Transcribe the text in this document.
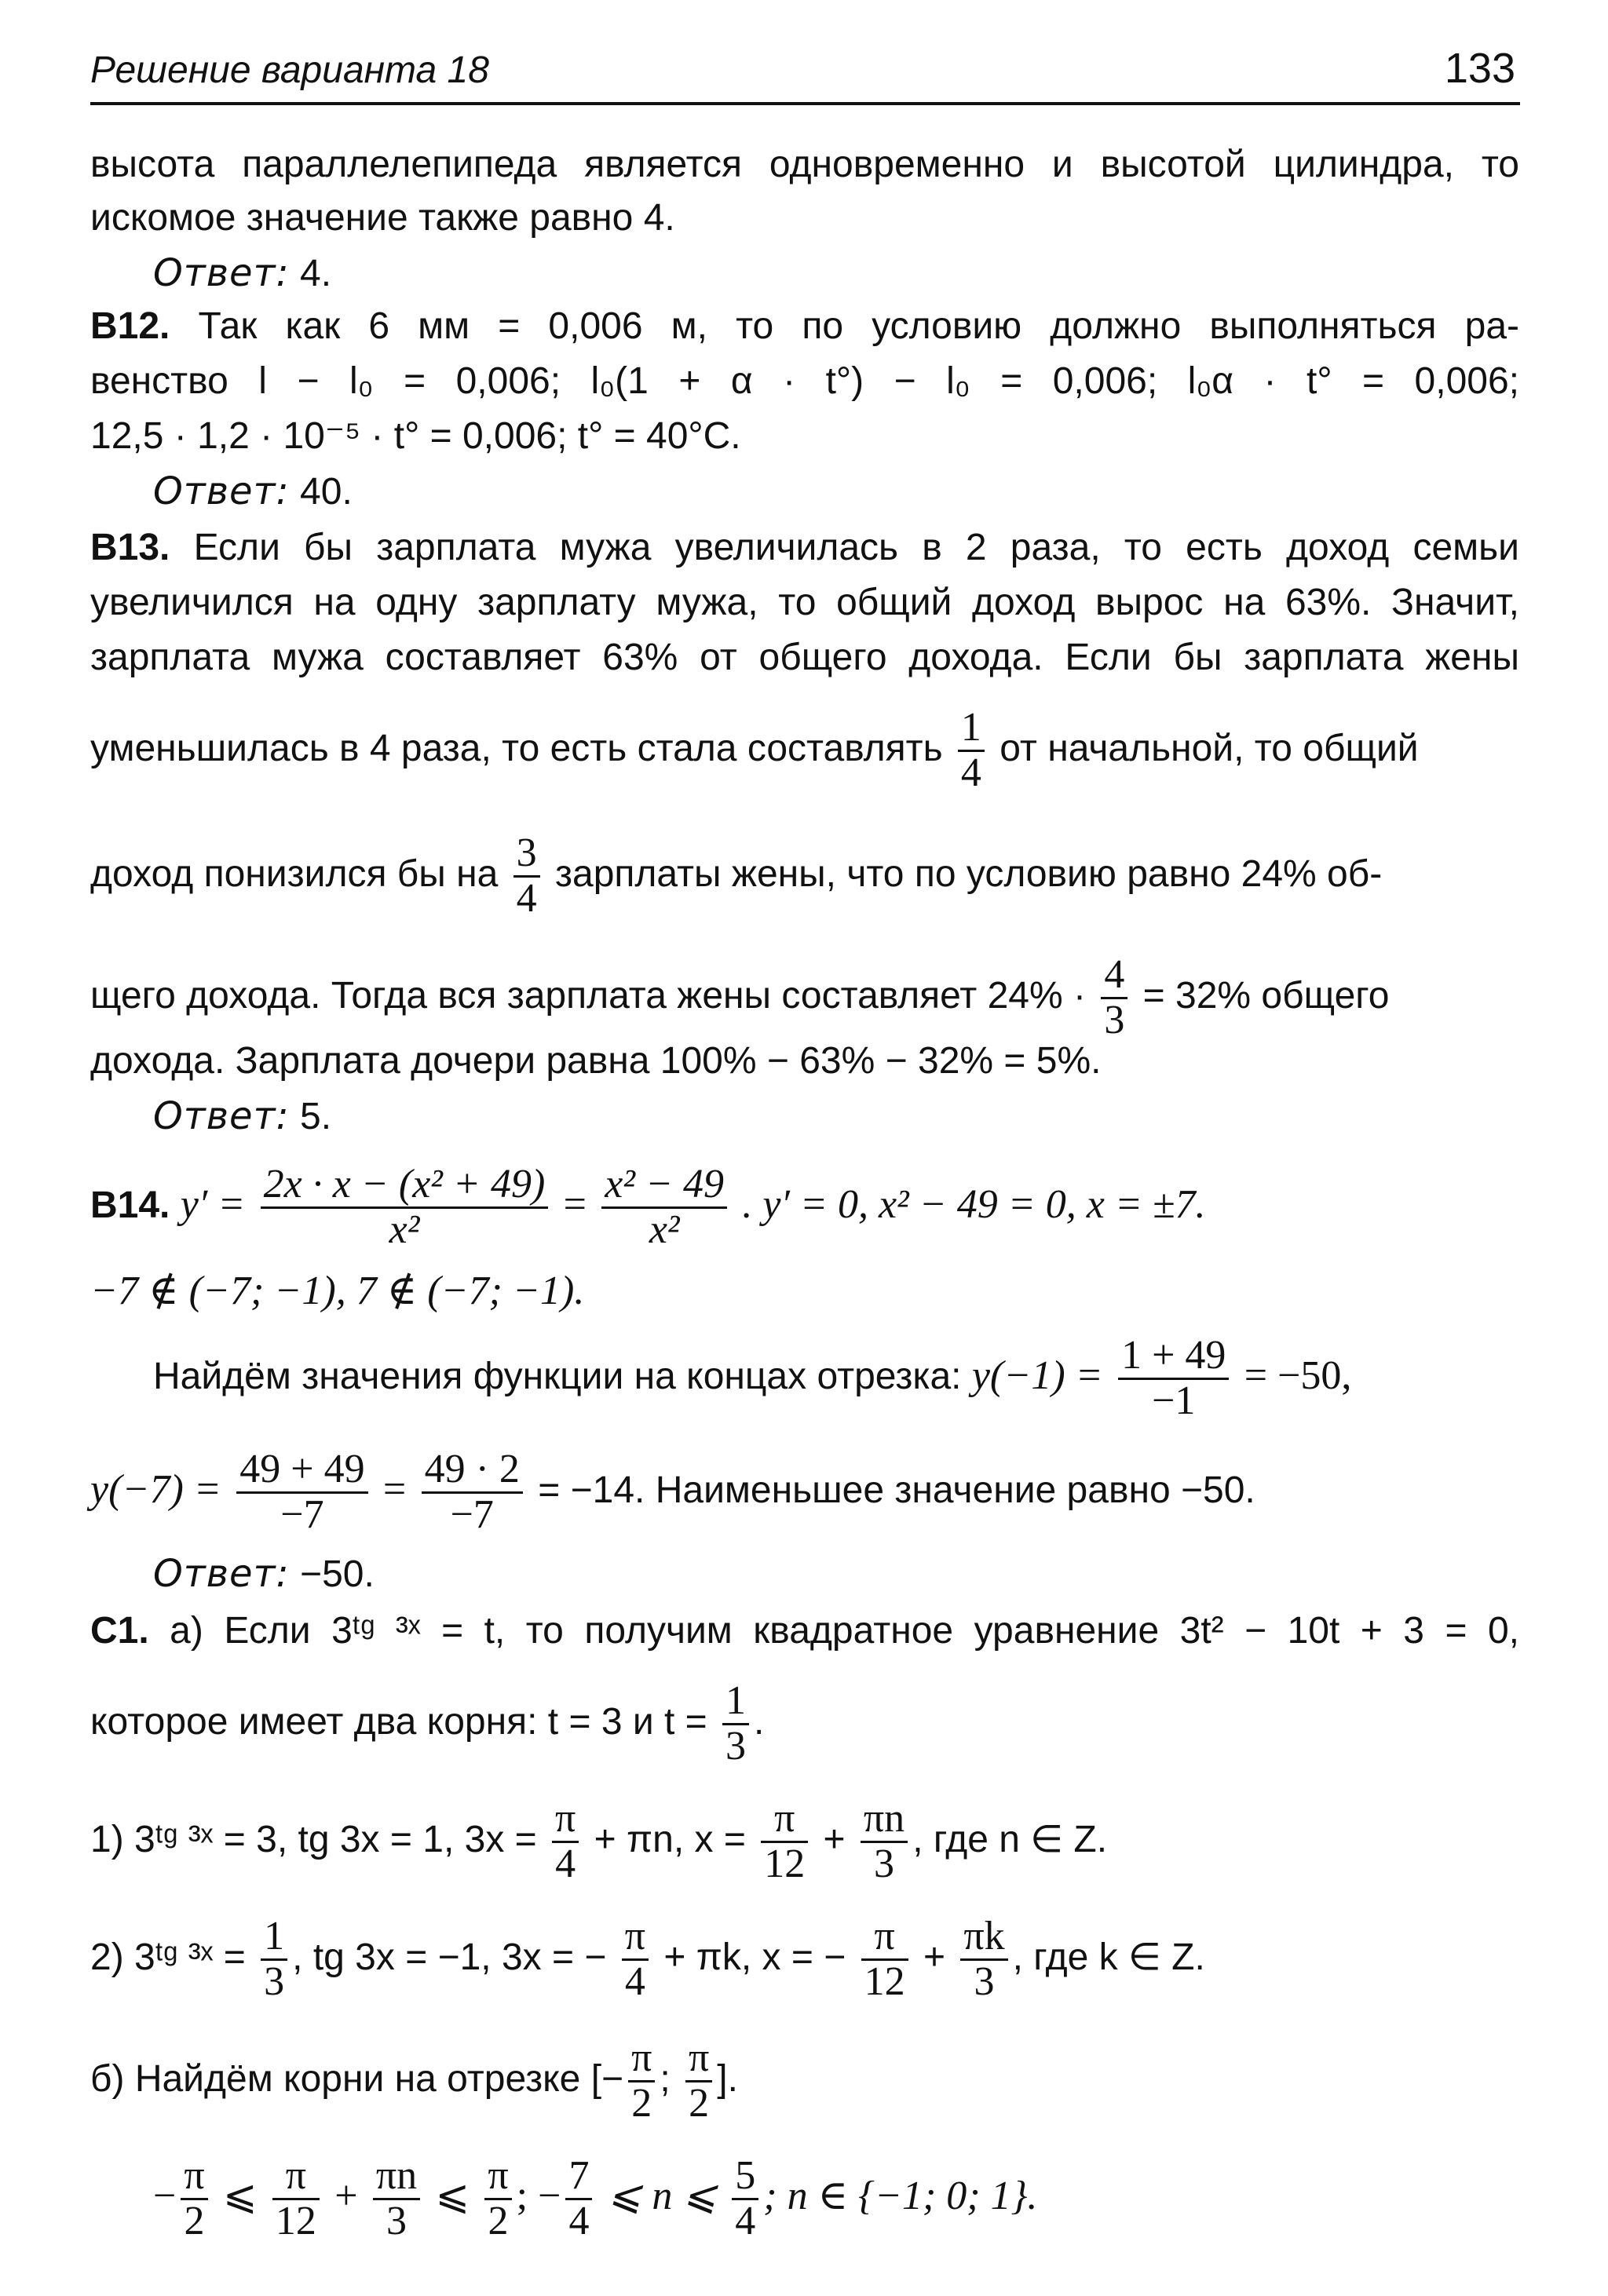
Решение варианта 18	133

высота параллелепипеда является одновременно и высотой цилиндра, то

искомое значение также равно 4.

Ответ: 4.

В12. Так как 6 мм = 0,006 м, то по условию должно выполняться ра-

венство l − l₀ = 0,006; l₀(1 + α · t°) − l₀ = 0,006; l₀α · t° = 0,006;

12,5 · 1,2 · 10⁻⁵ · t° = 0,006; t° = 40°C.

Ответ: 40.

В13. Если бы зарплата мужа увеличилась в 2 раза, то есть доход семьи

увеличился на одну зарплату мужа, то общий доход вырос на 63%. Значит,

зарплата мужа составляет 63% от общего дохода. Если бы зарплата жены

уменьшилась в 4 раза, то есть стала составлять $\frac{1}{4}$ от начальной, то общий

доход понизился бы на $\frac{3}{4}$ зарплаты жены, что по условию равно 24% об-

щего дохода. Тогда вся зарплата жены составляет $24\% \cdot \frac{4}{3} = 32\%$ общего

дохода. Зарплата дочери равна 100% − 63% − 32% = 5%.

Ответ: 5.

В14. $y' = \frac{\text{2x · x − (x² + 49)}}{\text{x²}} = \frac{\text{x² − 49}}{\text{x²}}$ . y′ = 0, x² − 49 = 0, x = ±7.

−7 ∉ (−7; −1), 7 ∉ (−7; −1).

Найдём значения функции на концах отрезка: $y(-1) = \frac{1 + 49}{-1} = -50$,

$y(-7) = \frac{49 + 49}{-7} = \frac{49 \cdot 2}{-7} = -14$. Наименьшее значение равно −50.

Ответ: −50.

С1. а) Если 3ᵗᵍ ³ˣ = t, то получим квадратное уравнение 3t² − 10t + 3 = 0,

которое имеет два корня: t = 3 и $t = \frac{1}{3}$ .

1) 3ᵗᵍ ³ˣ = 3, tg 3x = 1, $3x = \frac{\pi}{4} + \pi n$, $x = \frac{\pi}{12} + \frac{\pi n}{3}$ , где n ∈ Z.

2) 3ᵗᵍ ³ˣ = $\frac{1}{3}$ , tg 3x = −1, 3x = − $\frac{\pi}{4} + \pi k$, x = − $\frac{\pi}{12} + \frac{\pi k}{3}$ , где k ∈ Z.

б) Найдём корни на отрезке [− $\frac{\pi}{2}$ ; $\frac{\pi}{2}$ ].

− $\frac{\pi}{2}$ ⩽ $\frac{\pi}{12} + \frac{\pi n}{3}$ ⩽ $\frac{\pi}{2}$ ; − $\frac{7}{4}$ ⩽ n ⩽ $\frac{5}{4}$ ; n ∈ {−1; 0; 1}.
